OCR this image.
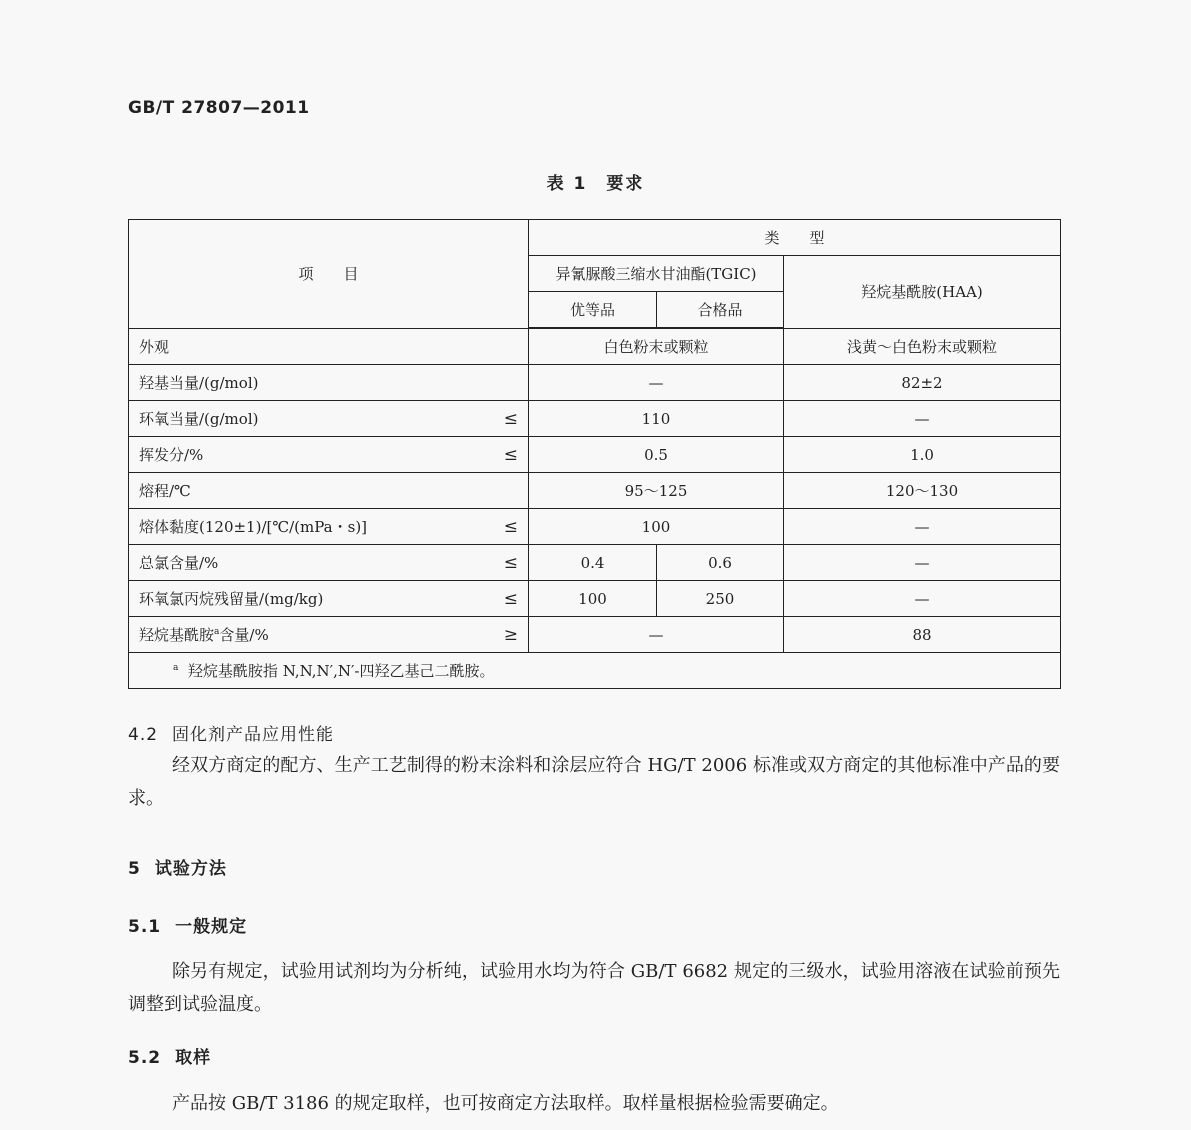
GB/T 27807—2011
表 1　要求
项　　目	类　　型		
	异氰脲酸三缩水甘油酯(TGIC)		羟烷基酰胺(HAA)
	优等品	合格品	
外观	白色粉末或颗粒		浅黄～白色粉末或颗粒
羟基当量/(g/mol)	—		82±2
环氧当量/(g/mol) ≤	110		—
挥发分/% ≤	0.5		1.0
熔程/℃	95～125		120～130
熔体黏度(120±1)/[℃/(mPa・s)] ≤	100		—
总氯含量/% ≤	0.4	0.6	—
环氧氯丙烷残留量/(mg/kg) ≤	100	250	—
羟烷基酰胺$^a$含量/% ≥	—		88
$^a$ 羟烷基酰胺指 N,N,N′,N′-四羟乙基己二酰胺。			
4.2 固化剂产品应用性能
经双方商定的配方、生产工艺制得的粉末涂料和涂层应符合 HG/T 2006 标准或双方商定的其他标准中产品的要求。
5 试验方法
5.1 一般规定
除另有规定，试验用试剂均为分析纯，试验用水均为符合 GB/T 6682 规定的三级水，试验用溶液在试验前预先调整到试验温度。
5.2 取样
产品按 GB/T 3186 的规定取样，也可按商定方法取样。取样量根据检验需要确定。
